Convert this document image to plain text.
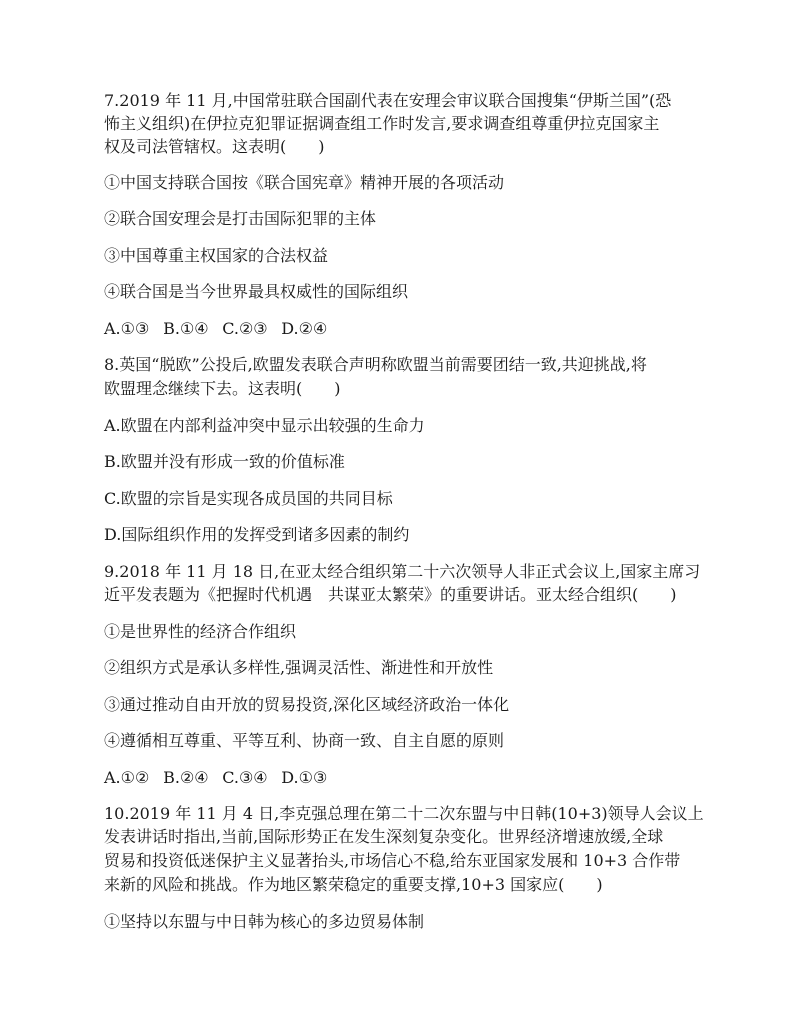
7.2019 年 11 月,中国常驻联合国副代表在安理会审议联合国搜集“伊斯兰国”(恐
怖主义组织)在伊拉克犯罪证据调查组工作时发言,要求调查组尊重伊拉克国家主
权及司法管辖权。这表明(　　)
①中国支持联合国按《联合国宪章》精神开展的各项活动
②联合国安理会是打击国际犯罪的主体
③中国尊重主权国家的合法权益
④联合国是当今世界最具权威性的国际组织
A.①③ B.①④ C.②③ D.②④
8.英国“脱欧”公投后,欧盟发表联合声明称欧盟当前需要团结一致,共迎挑战,将
欧盟理念继续下去。这表明(　　)
A.欧盟在内部利益冲突中显示出较强的生命力
B.欧盟并没有形成一致的价值标准
C.欧盟的宗旨是实现各成员国的共同目标
D.国际组织作用的发挥受到诸多因素的制约
9.2018 年 11 月 18 日,在亚太经合组织第二十六次领导人非正式会议上,国家主席习
近平发表题为《把握时代机遇　共谋亚太繁荣》的重要讲话。亚太经合组织(　　)
①是世界性的经济合作组织
②组织方式是承认多样性,强调灵活性、渐进性和开放性
③通过推动自由开放的贸易投资,深化区域经济政治一体化
④遵循相互尊重、平等互利、协商一致、自主自愿的原则
A.①② B.②④ C.③④ D.①③
10.2019 年 11 月 4 日,李克强总理在第二十二次东盟与中日韩(10+3)领导人会议上
发表讲话时指出,当前,国际形势正在发生深刻复杂变化。世界经济增速放缓,全球
贸易和投资低迷保护主义显著抬头,市场信心不稳,给东亚国家发展和 10+3 合作带
来新的风险和挑战。作为地区繁荣稳定的重要支撑,10+3 国家应(　　)
①坚持以东盟与中日韩为核心的多边贸易体制
